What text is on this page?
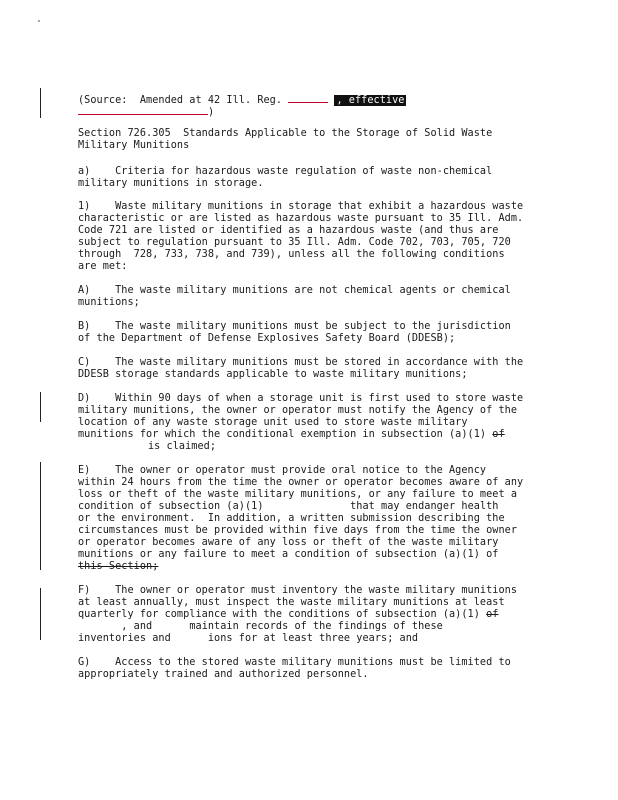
(Source:  Amended at 42 Ill. Reg.	, effective
)
Section 726.305  Standards Applicable to the Storage of Solid Waste
Military Munitions
a)    Criteria for hazardous waste regulation of waste non-chemical
military munitions in storage.
1)    Waste military munitions in storage that exhibit a hazardous waste
characteristic or are listed as hazardous waste pursuant to 35 Ill. Adm.
Code 721 are listed or identified as a hazardous waste (and thus are
subject to regulation pursuant to 35 Ill. Adm. Code 702, 703, 705, 720
through  728, 733, 738, and 739), unless all the following conditions
are met:
A)    The waste military munitions are not chemical agents or chemical
munitions;
B)    The waste military munitions must be subject to the jurisdiction
of the Department of Defense Explosives Safety Board (DDESB);
C)    The waste military munitions must be stored in accordance with the
DDESB storage standards applicable to waste military munitions;
D)    Within 90 days of when a storage unit is first used to store waste
military munitions, the owner or operator must notify the Agency of the
location of any waste storage unit used to store waste military
munitions for which the conditional exemption in subsection (a)(1) of
is claimed;
E)    The owner or operator must provide oral notice to the Agency
within 24 hours from the time the owner or operator becomes aware of any
loss or theft of the waste military munitions, or any failure to meet a
condition of subsection (a)(1)	that may endanger health
or the environment.  In addition, a written submission describing the
circumstances must be provided within five days from the time the owner
or operator becomes aware of any loss or theft of the waste military
munitions or any failure to meet a condition of subsection (a)(1) of
this Section;
F)    The owner or operator must inventory the waste military munitions
at least annually, must inspect the waste military munitions at least
quarterly for compliance with the conditions of subsection (a)(1) of
, and	maintain records of the findings of these
inventories and	ions for at least three years; and
G)    Access to the stored waste military munitions must be limited to
appropriately trained and authorized personnel.
